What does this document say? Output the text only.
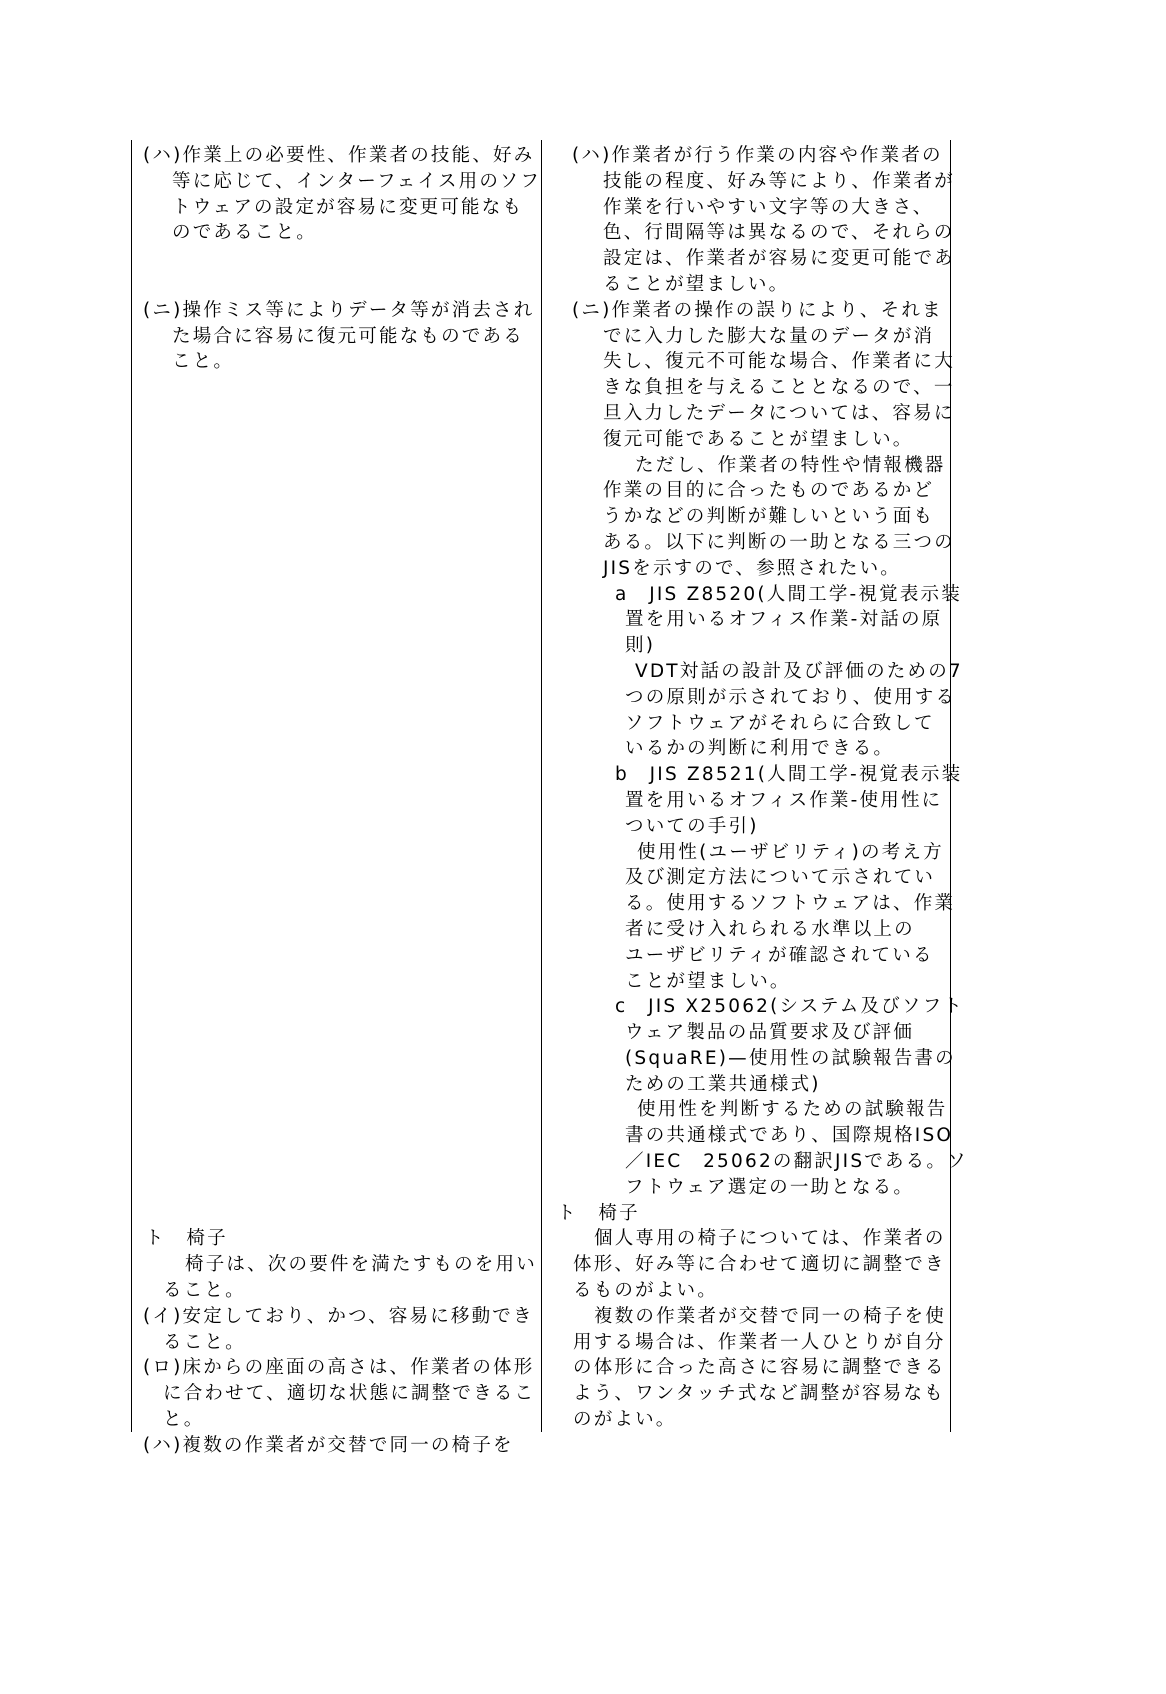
(ハ)作業上の必要性、作業者の技能、好み
等に応じて、インターフェイス用のソフ
トウェアの設定が容易に変更可能なも
のであること。
(ニ)操作ミス等によりデータ等が消去され
た場合に容易に復元可能なものである
こと。
ト　椅子
椅子は、次の要件を満たすものを用い
ること。
(イ)安定しており、かつ、容易に移動でき
ること。
(ロ)床からの座面の高さは、作業者の体形
に合わせて、適切な状態に調整できるこ
と。
(ハ)複数の作業者が交替で同一の椅子を
(ハ)作業者が行う作業の内容や作業者の
技能の程度、好み等により、作業者が
作業を行いやすい文字等の大きさ、
色、行間隔等は異なるので、それらの
設定は、作業者が容易に変更可能であ
ることが望ましい。
(ニ)作業者の操作の誤りにより、それま
でに入力した膨大な量のデータが消
失し、復元不可能な場合、作業者に大
きな負担を与えることとなるので、一
旦入力したデータについては、容易に
復元可能であることが望ましい。
ただし、作業者の特性や情報機器
作業の目的に合ったものであるかど
うかなどの判断が難しいという面も
ある。以下に判断の一助となる三つの
JISを示すので、参照されたい。
a　JIS Z8520(人間工学-視覚表示装
置を用いるオフィス作業-対話の原
則)
VDT対話の設計及び評価のための7
つの原則が示されており、使用する
ソフトウェアがそれらに合致して
いるかの判断に利用できる。
b　JIS Z8521(人間工学-視覚表示装
置を用いるオフィス作業-使用性に
ついての手引)
使用性(ユーザビリティ)の考え方
及び測定方法について示されてい
る。使用するソフトウェアは、作業
者に受け入れられる水準以上の
ユーザビリティが確認されている
ことが望ましい。
c　JIS X25062(システム及びソフト
ウェア製品の品質要求及び評価
(SquaRE)—使用性の試験報告書の
ための工業共通様式)
使用性を判断するための試験報告
書の共通様式であり、国際規格ISO
／IEC　25062の翻訳JISである。ソ
フトウェア選定の一助となる。
ト　椅子
個人専用の椅子については、作業者の
体形、好み等に合わせて適切に調整でき
るものがよい。
複数の作業者が交替で同一の椅子を使
用する場合は、作業者一人ひとりが自分
の体形に合った高さに容易に調整できる
よう、ワンタッチ式など調整が容易なも
のがよい。
